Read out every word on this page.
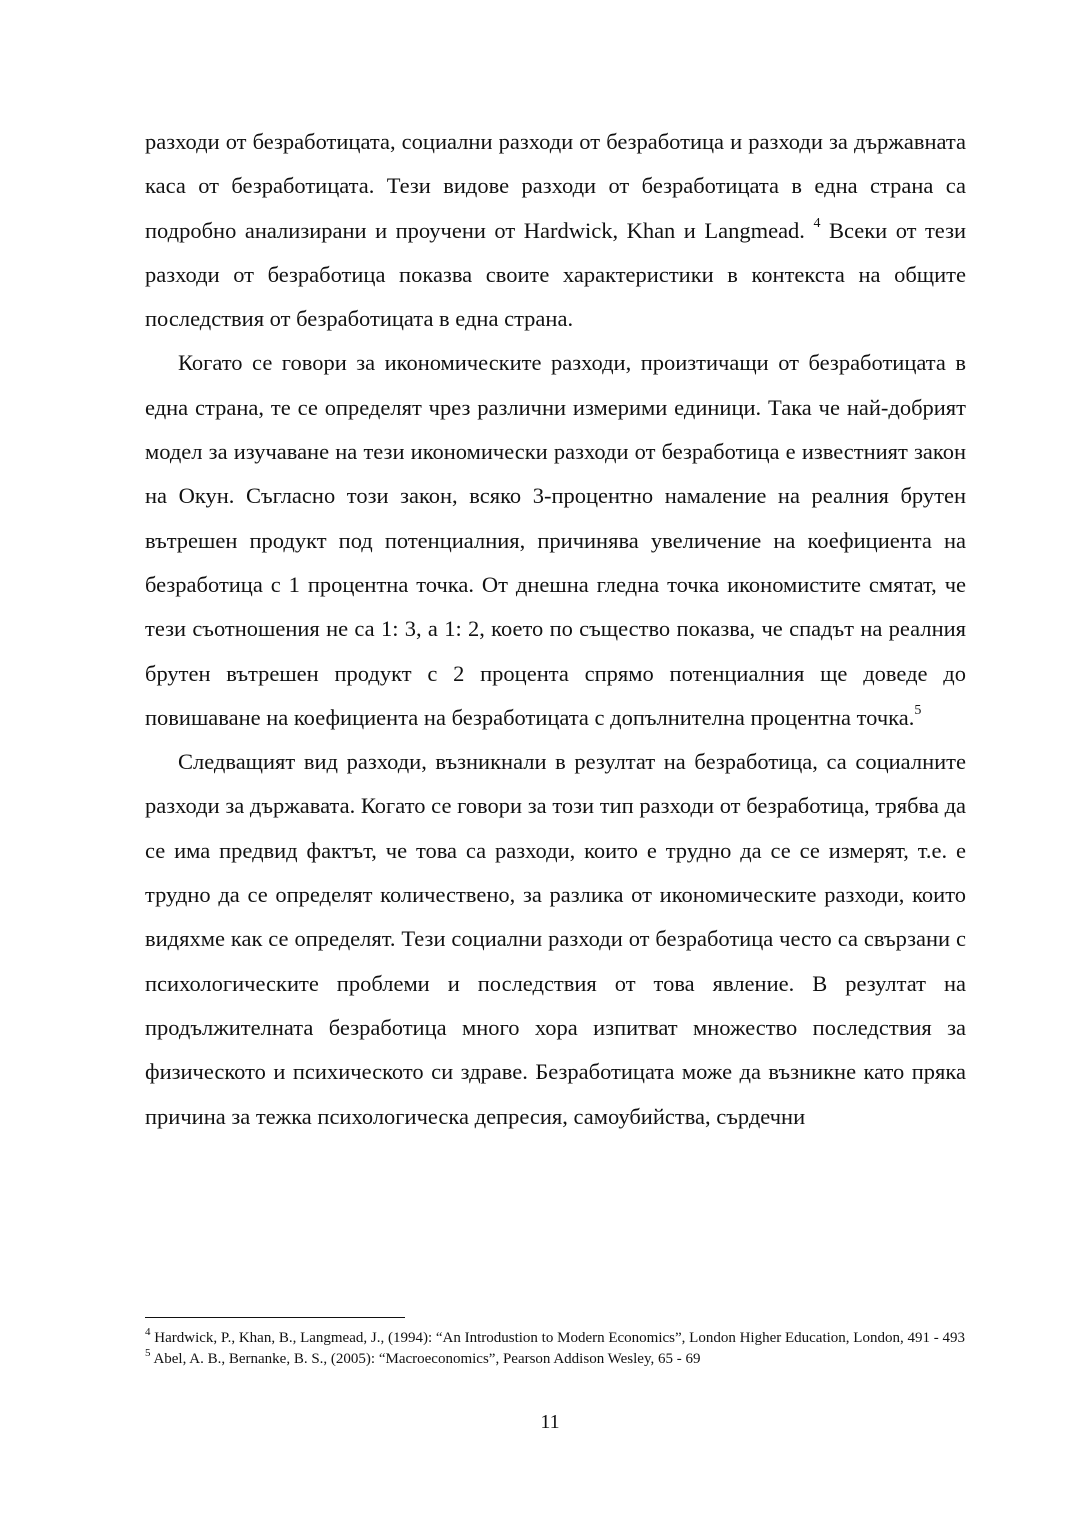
разходи от безработицата, социални разходи от безработица и разходи за държавната каса от безработицата. Тези видове разходи от безработицата в една страна са подробно анализирани и проучени от Hardwick, Khan и Langmead. $^4$ Всеки от тези разходи от безработица показва своите характеристики в контекста на общите последствия от безработицата в една страна.

Когато се говори за икономическите разходи, произтичащи от безработицата в една страна, те се определят чрез различни измерими единици. Така че най-добрият модел за изучаване на тези икономически разходи от безработица е известният закон на Окун. Съгласно този закон, всяко 3-процентно намаление на реалния брутен вътрешен продукт под потенциалния, причинява увеличение на коефициента на безработица с 1 процентна точка. От днешна гледна точка икономистите смятат, че тези съотношения не са 1: 3, а 1: 2, което по същество показва, че спадът на реалния брутен вътрешен продукт с 2 процента спрямо потенциалния ще доведе до повишаване на коефициента на безработицата с допълнителна процентна точка.$^5$

Следващият вид разходи, възникнали в резултат на безработица, са социалните разходи за държавата. Когато се говори за този тип разходи от безработица, трябва да се има предвид фактът, че това са разходи, които е трудно да се се измерят, т.е. е трудно да се определят количествено, за разлика от икономическите разходи, които видяхме как се определят. Тези социални разходи от безработица често са свързани с психологическите проблеми и последствия от това явление. В резултат на продължителната безработица много хора изпитват множество последствия за физическото и психическото си здраве. Безработицата може да възникне като пряка причина за тежка психологическа депресия, самоубийства, сърдечни

$^4$ Hardwick, P., Khan, B., Langmead, J., (1994): “An Introdustion to Modern Economics”, London Higher Education, London, 491 - 493

$^5$ Abel, A. B., Bernanke, B. S., (2005): “Macroeconomics”, Pearson Addison Wesley, 65 - 69

11
